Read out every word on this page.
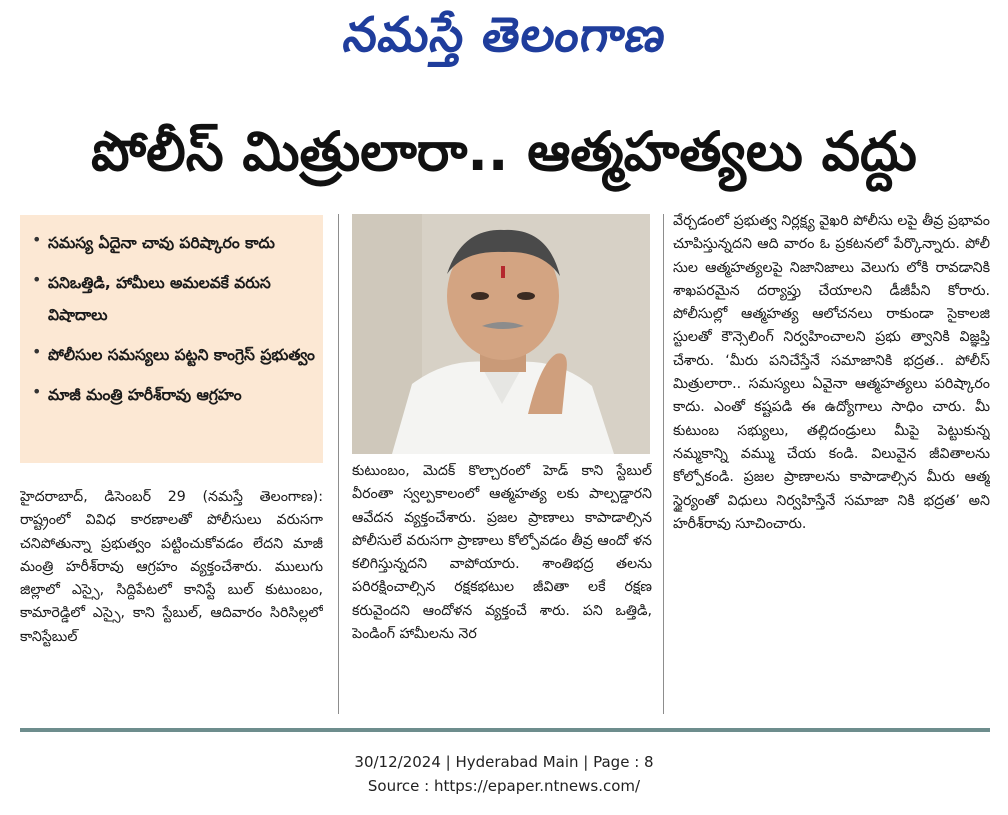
నమస్తే తెలంగాణ
పోలీస్ మిత్రులారా.. ఆత్మహత్యలు వద్దు
• సమస్య ఏదైనా చావు పరిష్కారం కాదు
• పనిఒత్తిడి, హామీలు అమలవకే వరుస విషాదాలు
• పోలీసుల సమస్యలు పట్టని కాంగ్రెస్ ప్రభుత్వం
• మాజీ మంత్రి హరీశ్‌రావు ఆగ్రహం

హైదరాబాద్, డిసెంబర్ 29 (నమస్తే తెలంగాణ): రాష్ట్రంలో వివిధ కారణాలతో పోలీసులు వరుసగా చనిపోతున్నా ప్రభుత్వం పట్టించుకోవడం లేదని మాజీ మంత్రి హరీశ్‌రావు ఆగ్రహం వ్యక్తంచేశారు. ములుగు జిల్లాలో ఎస్సై, సిద్దిపేటలో కానిస్టే బుల్ కుటుంబం, కామారెడ్డిలో ఎస్సై, కాని స్టేబుల్, ఆదివారం సిరిసిల్లలో కానిస్టేబుల్

కుటుంబం, మెదక్ కొల్చారంలో హెడ్ కాని స్టేబుల్ వీరంతా స్వల్పకాలంలో ఆత్మహత్య లకు పాల్పడ్డారని ఆవేదన వ్యక్తంచేశారు. ప్రజల ప్రాణాలు కాపాడాల్సిన పోలీసులే వరుసగా ప్రాణాలు కోల్పోవడం తీవ్ర ఆందో ళన కలిగిస్తున్నదని వాపోయారు. శాంతిభద్ర తలను పరిరక్షించాల్సిన రక్షకభటుల జీవితా లకే రక్షణ కరువైందని ఆందోళన వ్యక్తంచే శారు. పని ఒత్తిడి, పెండింగ్ హామీలను నెర

వేర్చడంలో ప్రభుత్వ నిర్లక్ష్య వైఖరి పోలీసు లపై తీవ్ర ప్రభావం చూపిస్తున్నదని ఆది వారం ఓ ప్రకటనలో పేర్కొన్నారు. పోలీ సుల ఆత్మహత్యలపై నిజానిజాలు వెలుగు లోకి రావడానికి శాఖపరమైన దర్యాప్తు చేయాలని డీజీపీని కోరారు. పోలీసుల్లో ఆత్మహత్య ఆలోచనలు రాకుండా సైకాలజి స్టులతో కౌన్సెలింగ్ నిర్వహించాలని ప్రభు త్వానికి విజ్ఞప్తి చేశారు. ‘మీరు పనిచేస్తేనే సమాజానికి భద్రత.. పోలీస్ మిత్రులారా.. సమస్యలు ఏవైనా ఆత్మహత్యలు పరిష్కారం కాదు. ఎంతో కష్టపడి ఈ ఉద్యోగాలు సాధిం చారు. మీ కుటుంబ సభ్యులు, తల్లిదండ్రులు మీపై పెట్టుకున్న నమ్మకాన్ని వమ్ము చేయ కండి. విలువైన జీవితాలను కోల్పోకండి. ప్రజల ప్రాణాలను కాపాడాల్సిన మీరు ఆత్మ స్థైర్యంతో విధులు నిర్వహిస్తేనే సమాజా నికి భద్రత’ అని హరీశ్‌రావు సూచించారు.

30/12/2024 | Hyderabad Main | Page : 8
Source : https://epaper.ntnews.com/
